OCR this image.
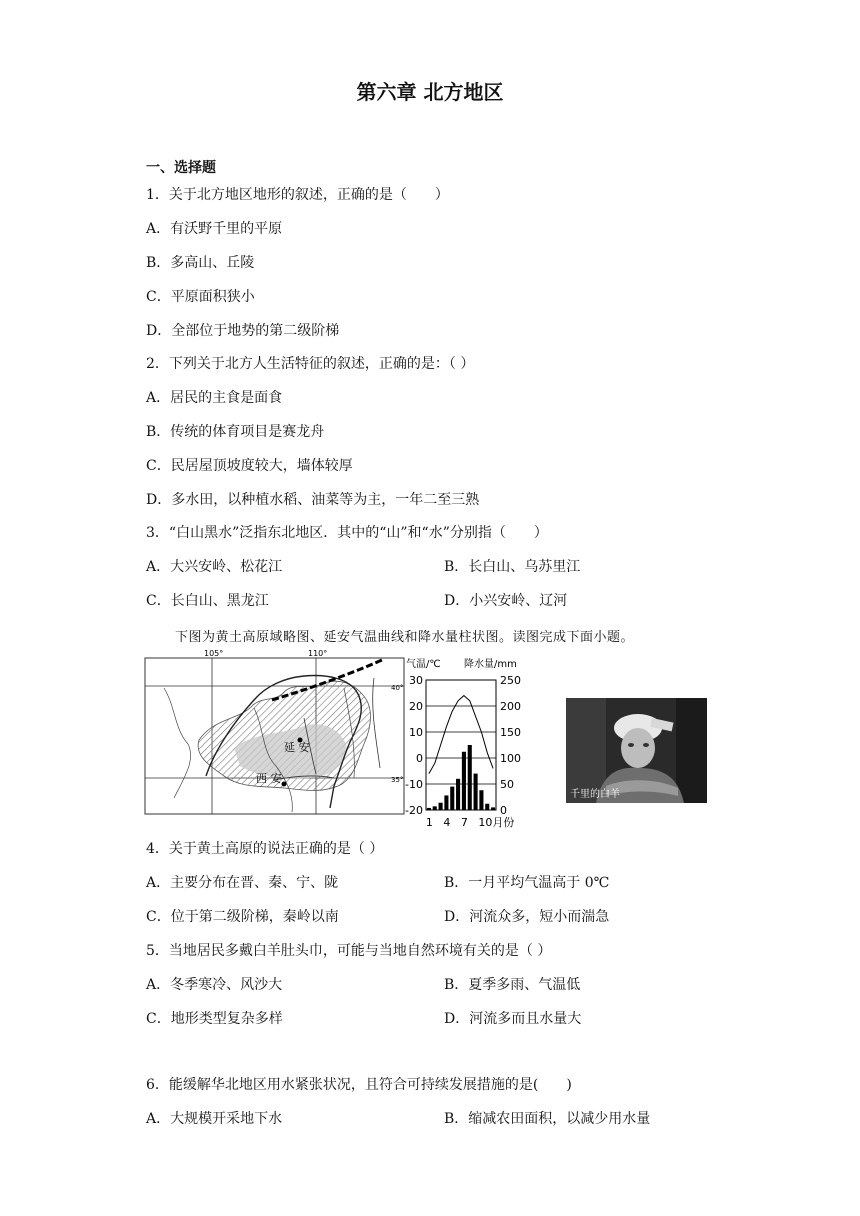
第六章 北方地区
一、选择题
1．关于北方地区地形的叙述，正确的是（　　）
A．有沃野千里的平原
B．多高山、丘陵
C．平原面积狭小
D．全部位于地势的第二级阶梯
2．下列关于北方人生活特征的叙述，正确的是：（ ）
A．居民的主食是面食
B．传统的体育项目是赛龙舟
C．民居屋顶坡度较大，墙体较厚
D．多水田，以种植水稻、油菜等为主，一年二至三熟
3．“白山黑水”泛指东北地区．其中的“山”和“水”分别指（　　）
A．大兴安岭、松花江	B．长白山、乌苏里江
C．长白山、黑龙江	D．小兴安岭、辽河
下图为黄土高原域略图、延安气温曲线和降水量柱状图。读图完成下面小题。
延 安
西 安
105°	110°
40°
35°
气温/℃ 降水量/mm
30
20
10
0
-10
-20
250
200
150
100
50
0
1 4 7 10月份
千里的白羊
4．关于黄土高原的说法正确的是（ ）
A．主要分布在晋、秦、宁、陇	B．一月平均气温高于 0℃
C．位于第二级阶梯，秦岭以南	D．河流众多，短小而湍急
5．当地居民多戴白羊肚头巾，可能与当地自然环境有关的是（ ）
A．冬季寒冷、风沙大	B．夏季多雨、气温低
C．地形类型复杂多样	D．河流多而且水量大
6．能缓解华北地区用水紧张状况，且符合可持续发展措施的是(　　)
A．大规模开采地下水	B．缩减农田面积，以减少用水量
